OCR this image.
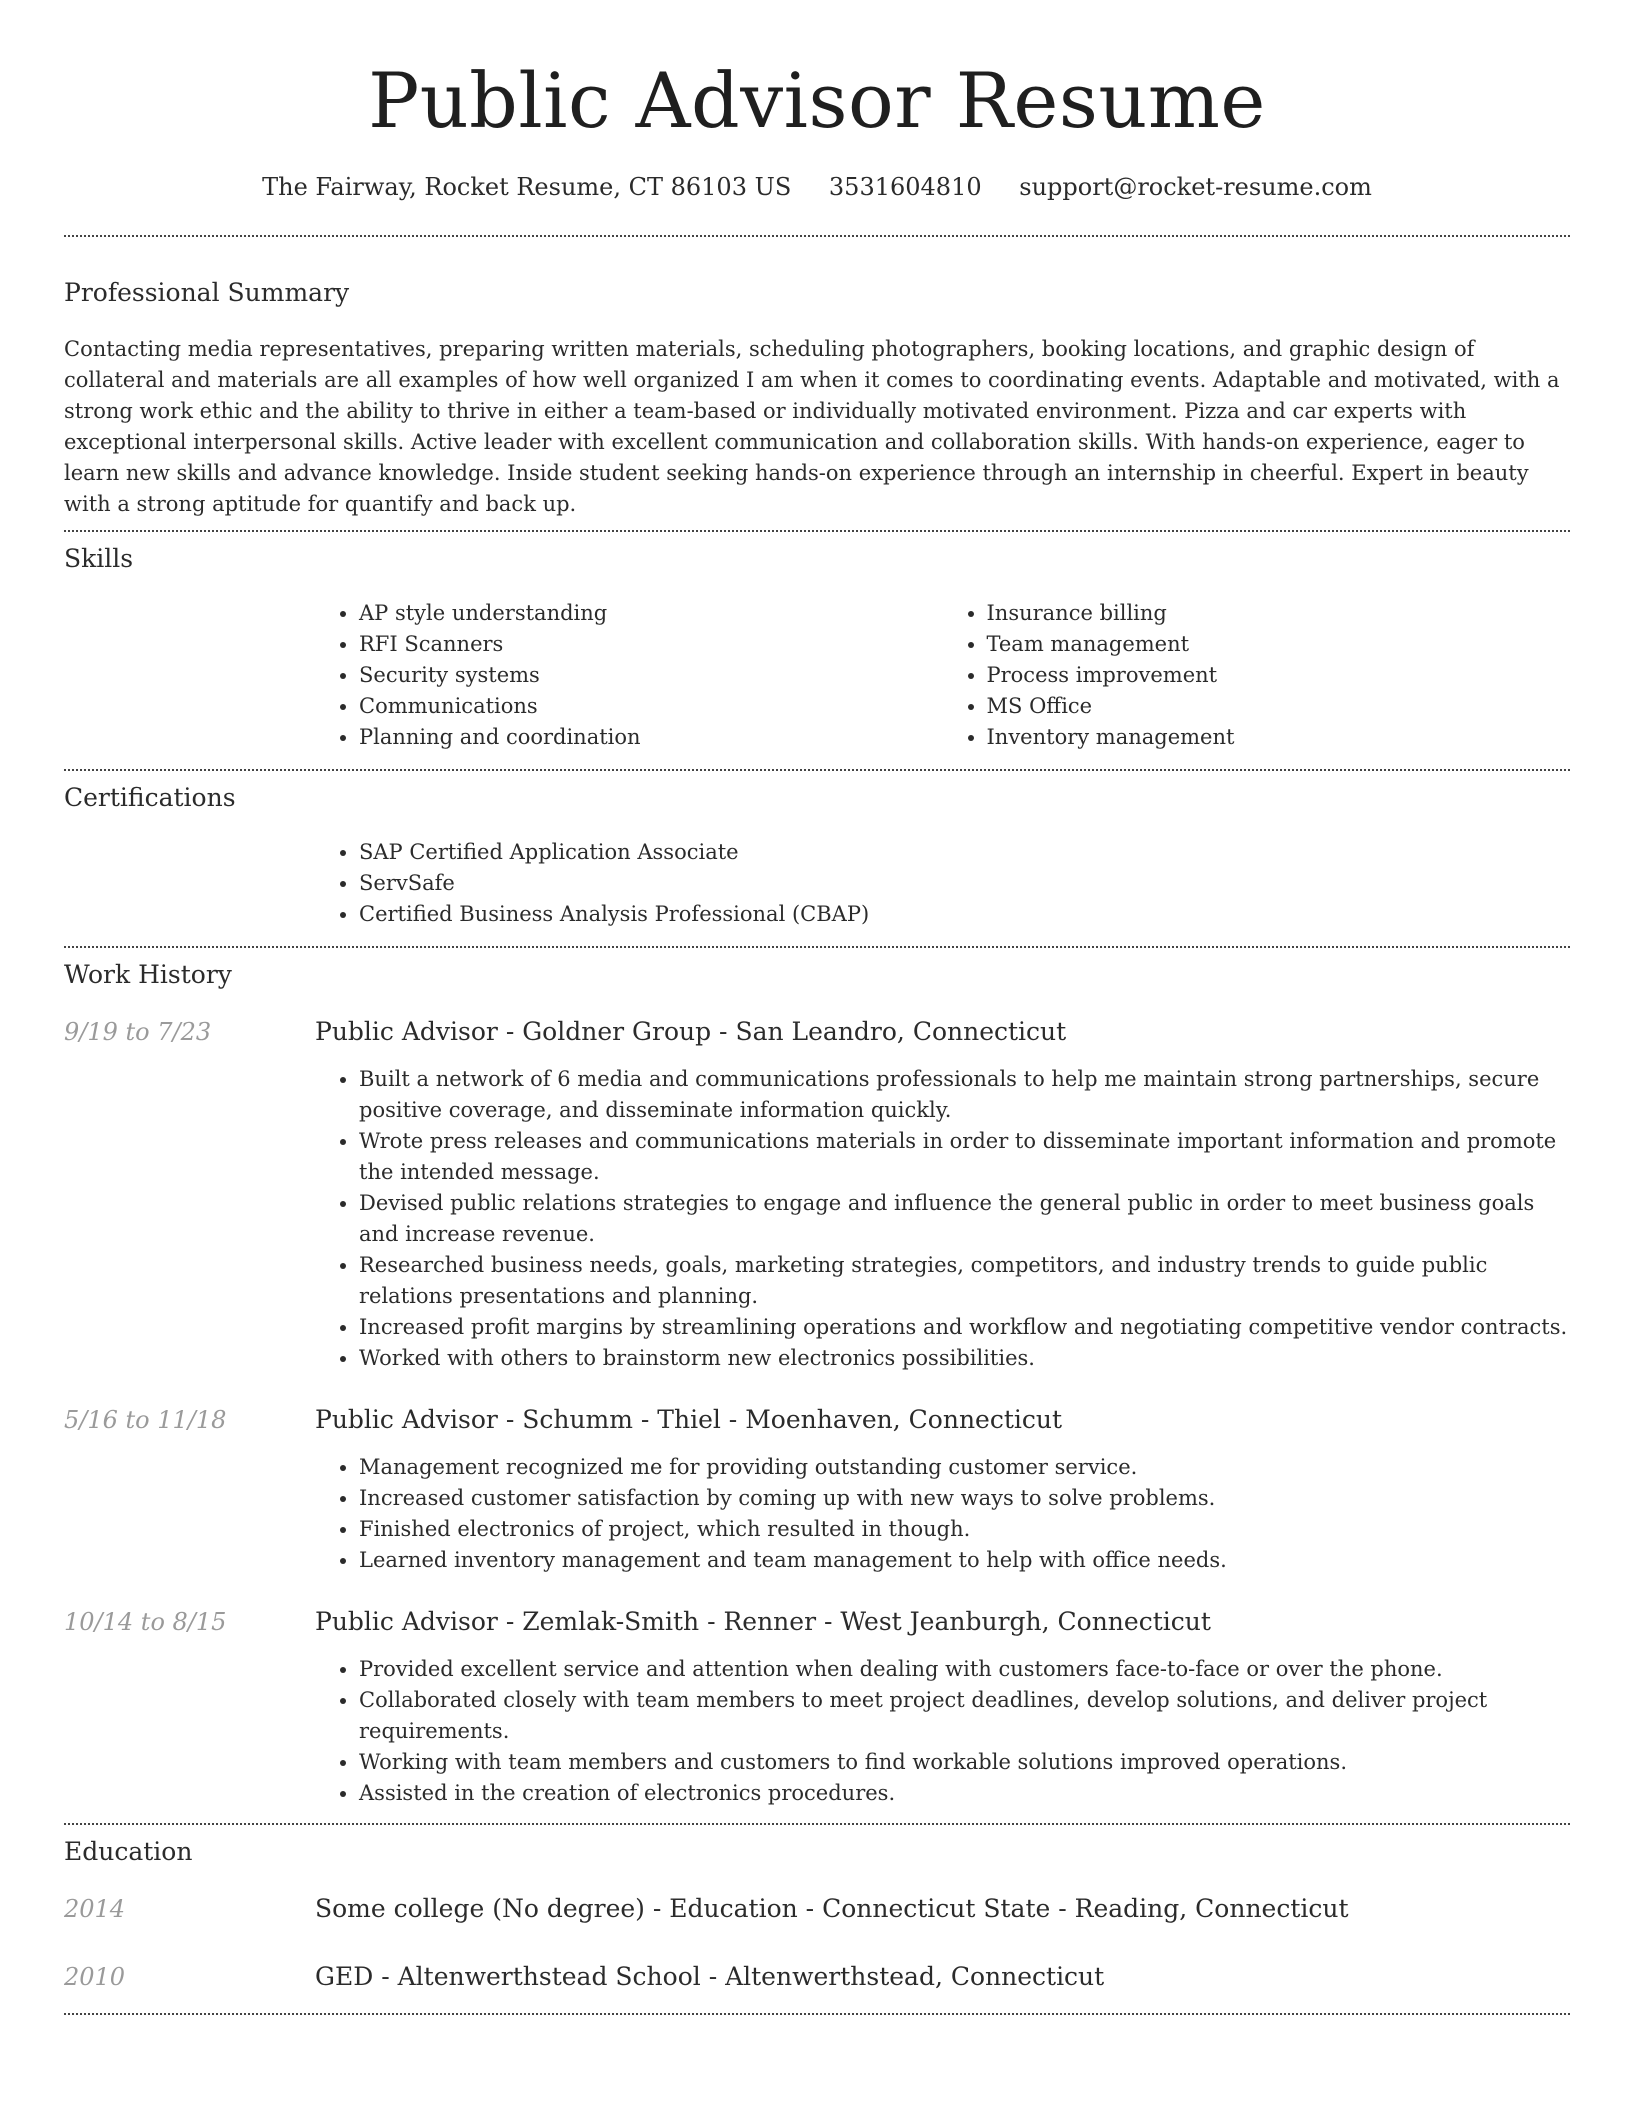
Public Advisor Resume
The Fairway, Rocket Resume, CT 86103 US 3531604810 support@rocket-resume.com
Professional Summary

Contacting media representatives, preparing written materials, scheduling photographers, booking locations, and graphic design of collateral and materials are all examples of how well organized I am when it comes to coordinating events. Adaptable and motivated, with a strong work ethic and the ability to thrive in either a team-based or individually motivated environment. Pizza and car experts with exceptional interpersonal skills. Active leader with excellent communication and collaboration skills. With hands-on experience, eager to learn new skills and advance knowledge. Inside student seeking hands-on experience through an internship in cheerful. Expert in beauty with a strong aptitude for quantify and back up.

Skills
• AP style understanding
• RFI Scanners
• Security systems
• Communications
• Planning and coordination
• Insurance billing
• Team management
• Process improvement
• MS Office
• Inventory management
Certifications
• SAP Certified Application Associate
• ServSafe
• Certified Business Analysis Professional (CBAP)
Work History
9/19 to 7/23	Public Advisor - Goldner Group - San Leandro, Connecticut
• Built a network of 6 media and communications professionals to help me maintain strong partnerships, secure positive coverage, and disseminate information quickly.
• Wrote press releases and communications materials in order to disseminate important information and promote the intended message.
• Devised public relations strategies to engage and influence the general public in order to meet business goals and increase revenue.
• Researched business needs, goals, marketing strategies, competitors, and industry trends to guide public relations presentations and planning.
• Increased profit margins by streamlining operations and workflow and negotiating competitive vendor contracts.
• Worked with others to brainstorm new electronics possibilities.
5/16 to 11/18	Public Advisor - Schumm - Thiel - Moenhaven, Connecticut
• Management recognized me for providing outstanding customer service.
• Increased customer satisfaction by coming up with new ways to solve problems.
• Finished electronics of project, which resulted in though.
• Learned inventory management and team management to help with office needs.
10/14 to 8/15	Public Advisor - Zemlak-Smith - Renner - West Jeanburgh, Connecticut
• Provided excellent service and attention when dealing with customers face-to-face or over the phone.
• Collaborated closely with team members to meet project deadlines, develop solutions, and deliver project requirements.
• Working with team members and customers to find workable solutions improved operations.
• Assisted in the creation of electronics procedures.
Education
2014	Some college (No degree) - Education - Connecticut State - Reading, Connecticut
2010	GED - Altenwerthstead School - Altenwerthstead, Connecticut
